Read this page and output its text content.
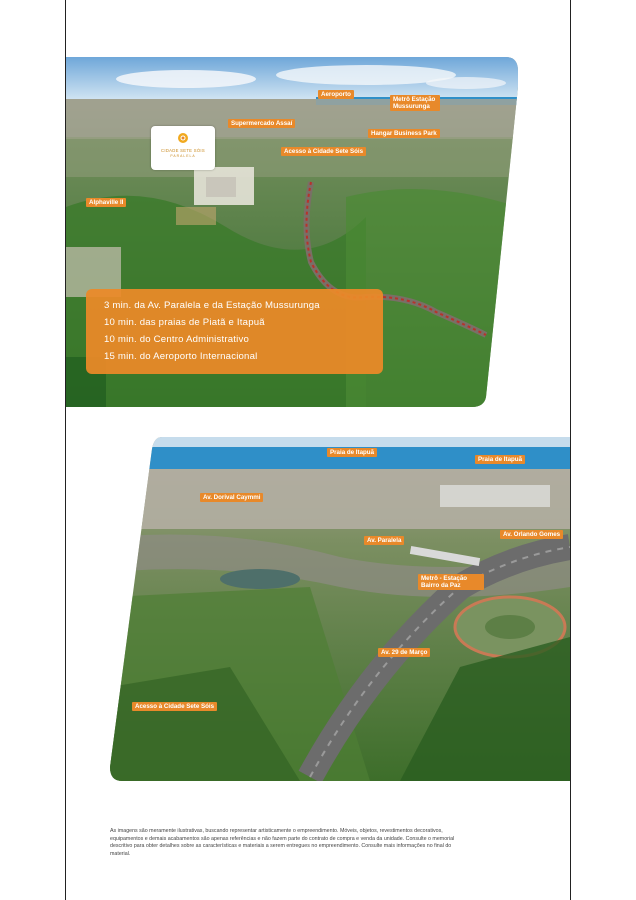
CIDADE SETE SÓIS
PARALELA
Aeroporto
Metrô Estação Mussurunga
Supermercado Assaí
Hangar Business Park
Acesso à Cidade Sete Sóis
Alphaville II
3 min. da Av. Paralela e da Estação Mussurunga
10 min. das praias de Piatã e Itapuã
10 min. do Centro Administrativo
15 min. do Aeroporto Internacional
Praia de Itapuã
Praia de Itapuã
Av. Dorival Caymmi
Av. Paralela
Av. Orlando Gomes
Metrô - Estação Bairro da Paz
Av. 29 de Março
Acesso à Cidade Sete Sóis
As imagens são meramente ilustrativas, buscando representar artisticamente o empreendimento. Móveis, objetos, revestimentos decorativos, equipamentos e demais acabamentos são apenas referências e não fazem parte do contrato de compra e venda da unidade. Consulte o memorial descritivo para obter detalhes sobre as características e materiais a serem entregues no empreendimento. Consulte mais informações no final do material.
